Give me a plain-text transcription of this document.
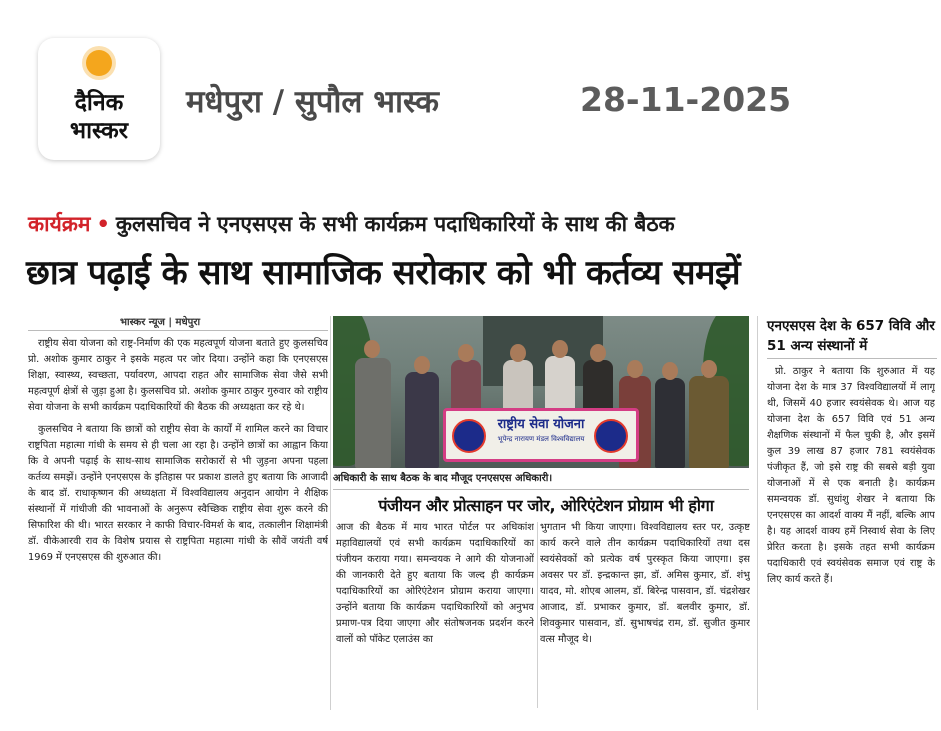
दैनिक
भास्कर
मधेपुरा / सुपौल भास्क	28-11-2025
कार्यक्रम • कुलसचिव ने एनएसएस के सभी कार्यक्रम पदाधिकारियों के साथ की बैठक
छात्र पढ़ाई के साथ सामाजिक सरोकार को भी कर्तव्य समझें
भास्कर न्यूज | मधेपुरा

राष्ट्रीय सेवा योजना को राष्ट्र-निर्माण की एक महत्वपूर्ण योजना बताते हुए कुलसचिव प्रो. अशोक कुमार ठाकुर ने इसके महत्व पर जोर दिया। उन्होंने कहा कि एनएसएस शिक्षा, स्वास्थ्य, स्वच्छता, पर्यावरण, आपदा राहत और सामाजिक सेवा जैसे सभी महत्वपूर्ण क्षेत्रों से जुड़ा हुआ है। कुलसचिव प्रो. अशोक कुमार ठाकुर गुरुवार को राष्ट्रीय सेवा योजना के सभी कार्यक्रम पदाधिकारियों की बैठक की अध्यक्षता कर रहे थे।

कुलसचिव ने बताया कि छात्रों को राष्ट्रीय सेवा के कार्यों में शामिल करने का विचार राष्ट्रपिता महात्मा गांधी के समय से ही चला आ रहा है। उन्होंने छात्रों का आह्वान किया कि वे अपनी पढ़ाई के साथ-साथ सामाजिक सरोकारों से भी जुड़ना अपना पहला कर्तव्य समझें। उन्होंने एनएसएस के इतिहास पर प्रकाश डालते हुए बताया कि आजादी के बाद डॉ. राधाकृष्णन की अध्यक्षता में विश्वविद्यालय अनुदान आयोग ने शैक्षिक संस्थानों में गांधीजी की भावनाओं के अनुरूप स्वैच्छिक राष्ट्रीय सेवा शुरू करने की सिफारिश की थी। भारत सरकार ने काफी विचार-विमर्श के बाद, तत्कालीन शिक्षामंत्री डॉ. वीकेआरवी राव के विशेष प्रयास से राष्ट्रपिता महात्मा गांधी के सौवें जयंती वर्ष 1969 में एनएसएस की शुरुआत की।

राष्ट्रीय सेवा योजना
भूपेन्द्र नारायण मंडल विश्वविद्यालय
अधिकारी के साथ बैठक के बाद मौजूद एनएसएस अधिकारी।
पंजीयन और प्रोत्साहन पर जोर, ओरिएंटेशन प्रोग्राम भी होगा
आज की बैठक में माय भारत पोर्टल पर अधिकांश महाविद्यालयों एवं सभी कार्यक्रम पदाधिकारियों का पंजीयन कराया गया। समन्वयक ने आगे की योजनाओं की जानकारी देते हुए बताया कि जल्द ही कार्यक्रम पदाधिकारियों का ओरिएंटेशन प्रोग्राम कराया जाएगा। उन्होंने बताया कि कार्यक्रम पदाधिकारियों को अनुभव प्रमाण-पत्र दिया जाएगा और संतोषजनक प्रदर्शन करने वालों को पॉकेट एलाउंस का
भुगतान भी किया जाएगा। विश्वविद्यालय स्तर पर, उत्कृष्ट कार्य करने वाले तीन कार्यक्रम पदाधिकारियों तथा दस स्वयंसेवकों को प्रत्येक वर्ष पुरस्कृत किया जाएगा। इस अवसर पर डॉ. इन्द्रकान्त झा, डॉ. अमिस कुमार, डॉ. शंभु यादव, मो. शोएब आलम, डॉ. बिरेन्द्र पासवान, डॉ. चंद्रशेखर आजाद, डॉ. प्रभाकर कुमार, डॉ. बलवीर कुमार, डॉ. शिवकुमार पासवान, डॉ. सुभाषचंद्र राम, डॉ. सुजीत कुमार वत्स मौजूद थे।
एनएसएस देश के 657 विवि और 51 अन्य संस्थानों में

प्रो. ठाकुर ने बताया कि शुरुआत में यह योजना देश के मात्र 37 विश्वविद्यालयों में लागू थी, जिसमें 40 हजार स्वयंसेवक थे। आज यह योजना देश के 657 विवि एवं 51 अन्य शैक्षणिक संस्थानों में फैल चुकी है, और इसमें कुल 39 लाख 87 हजार 781 स्वयंसेवक पंजीकृत हैं, जो इसे राष्ट्र की सबसे बड़ी युवा योजनाओं में से एक बनाती है। कार्यक्रम समन्वयक डॉ. सुधांशु शेखर ने बताया कि एनएसएस का आदर्श वाक्य मैं नहीं, बल्कि आप है। यह आदर्श वाक्य हमें निस्वार्थ सेवा के लिए प्रेरित करता है। इसके तहत सभी कार्यक्रम पदाधिकारी एवं स्वयंसेवक समाज एवं राष्ट्र के लिए कार्य करते हैं।
